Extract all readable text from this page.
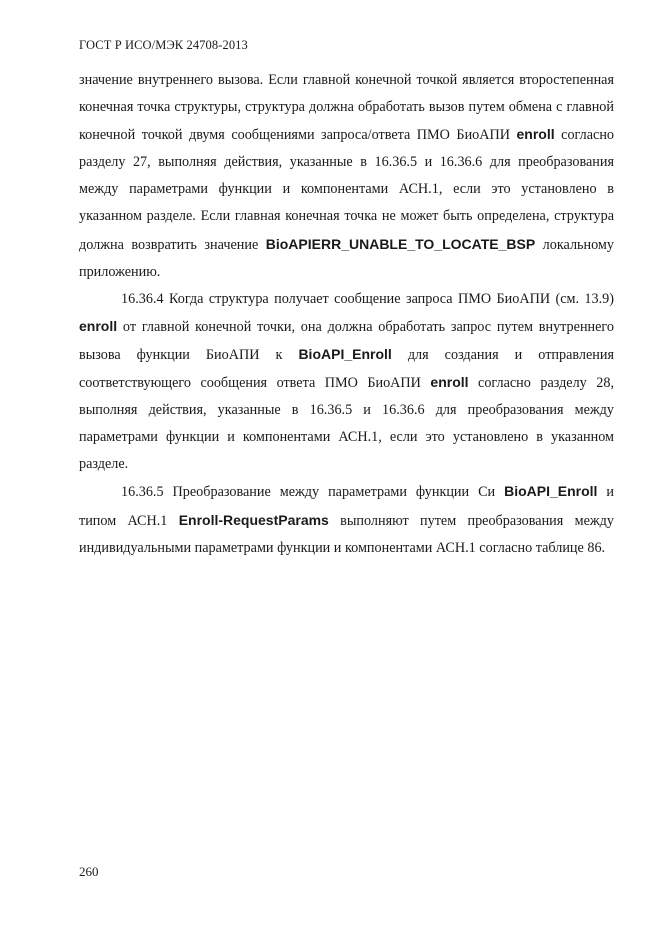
ГОСТ Р ИСО/МЭК 24708-2013

значение внутреннего вызова. Если главной конечной точкой является второстепенная конечная точка структуры, структура должна обработать вызов путем обмена с главной конечной точкой двумя сообщениями запроса/ответа ПМО БиоАПИ enroll согласно разделу 27, выполняя действия, указанные в 16.36.5 и 16.36.6 для преобразования между параметрами функции и компонентами АСН.1, если это установлено в указанном разделе. Если главная конечная точка не может быть определена, структура должна возвратить значение BioAPIERR_UNABLE_TO_LOCATE_BSP локальному приложению.

16.36.4 Когда структура получает сообщение запроса ПМО БиоАПИ (см. 13.9) enroll от главной конечной точки, она должна обработать запрос путем внутреннего вызова функции БиоАПИ к BioAPI_Enroll для создания и отправления соответствующего сообщения ответа ПМО БиоАПИ enroll согласно разделу 28, выполняя действия, указанные в 16.36.5 и 16.36.6 для преобразования между параметрами функции и компонентами АСН.1, если это установлено в указанном разделе.

16.36.5 Преобразование между параметрами функции Си BioAPI_Enroll и типом АСН.1 Enroll-RequestParams выполняют путем преобразования между индивидуальными параметрами функции и компонентами АСН.1 согласно таблице 86.

260
